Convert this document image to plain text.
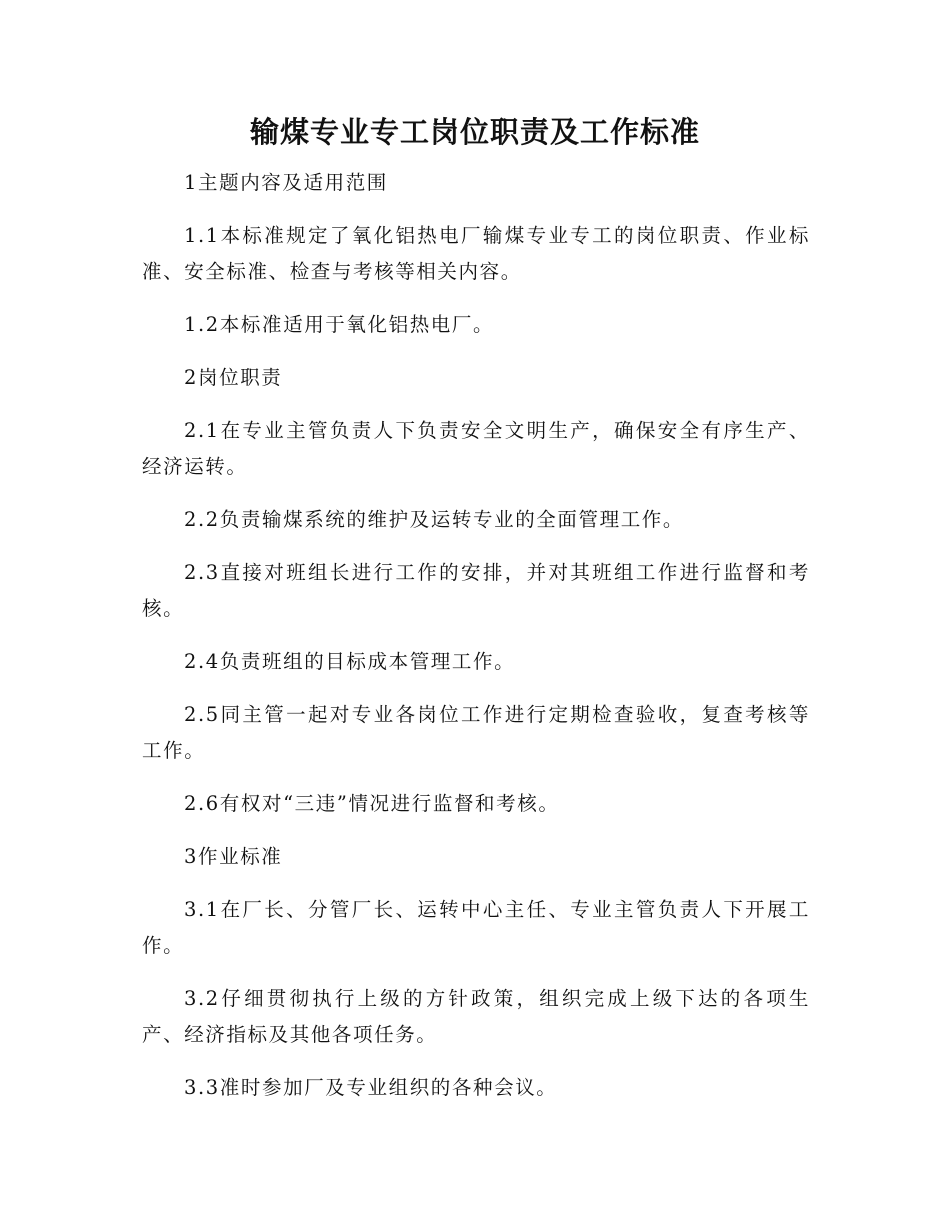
输煤专业专工岗位职责及工作标准

1主题内容及适用范围

1.1本标准规定了氧化铝热电厂输煤专业专工的岗位职责、作业标准、安全标准、检查与考核等相关内容。

1.2本标准适用于氧化铝热电厂。

2岗位职责

2.1在专业主管负责人下负责安全文明生产，确保安全有序生产、经济运转。

2.2负责输煤系统的维护及运转专业的全面管理工作。

2.3直接对班组长进行工作的安排，并对其班组工作进行监督和考核。

2.4负责班组的目标成本管理工作。

2.5同主管一起对专业各岗位工作进行定期检查验收，复查考核等工作。

2.6有权对“三违”情况进行监督和考核。

3作业标准

3.1在厂长、分管厂长、运转中心主任、专业主管负责人下开展工作。

3.2仔细贯彻执行上级的方针政策，组织完成上级下达的各项生产、经济指标及其他各项任务。

3.3准时参加厂及专业组织的各种会议。
